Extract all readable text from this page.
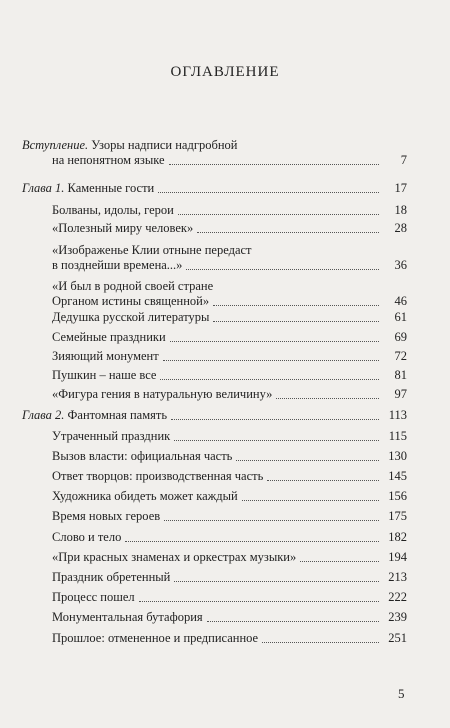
ОГЛАВЛЕНИЕ
Вступление. Узоры надписи надгробной
на непонятном языке	7
Глава 1. Каменные гости	17
Болваны, идолы, герои	18
«Полезный миру человек»	28
«Изображенье Клии отныне передаст
в позднейши времена...»	36
«И был в родной своей стране
Органом истины священной»	46
Дедушка русской литературы	61
Семейные праздники	69
Зияющий монумент	72
Пушкин – наше все	81
«Фигура гения в натуральную величину»	97
Глава 2. Фантомная память	113
Утраченный праздник	115
Вызов власти: официальная часть	130
Ответ творцов: производственная часть	145
Художника обидеть может каждый	156
Время новых героев	175
Слово и тело	182
«При красных знаменах и оркестрах музыки»	194
Праздник обретенный	213
Процесс пошел	222
Монументальная бутафория	239
Прошлое: отмененное и предписанное	251
5
